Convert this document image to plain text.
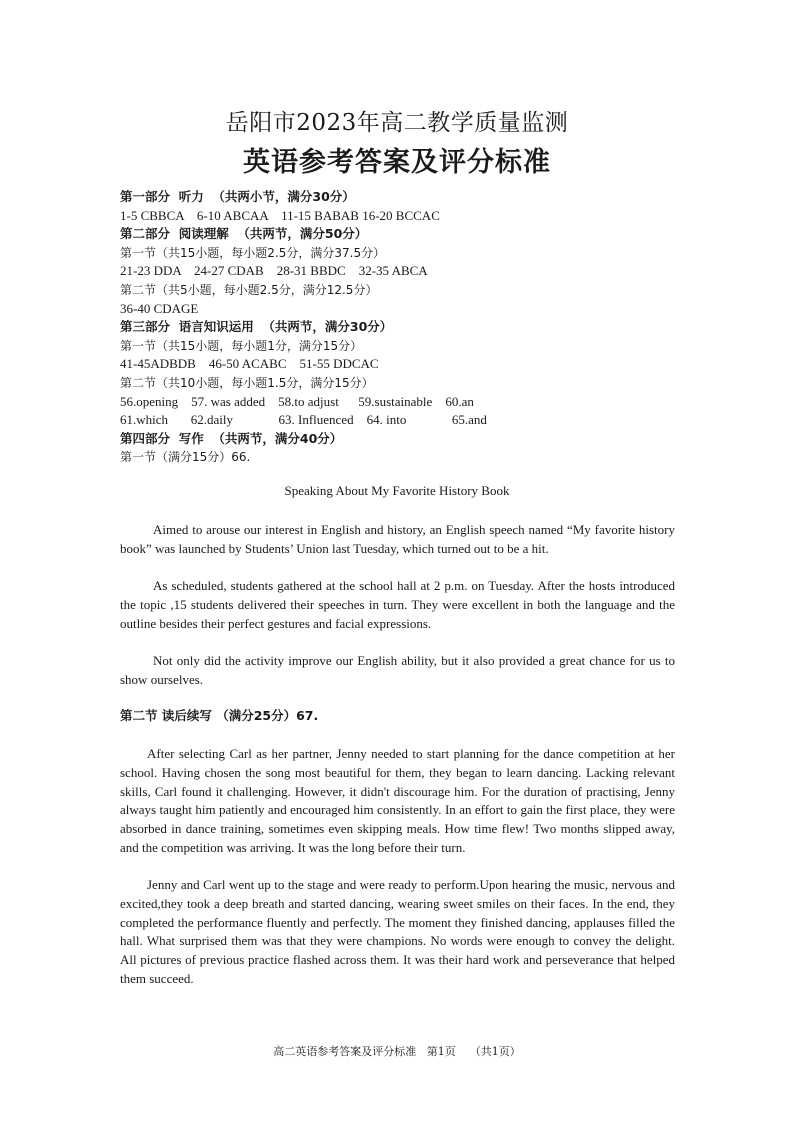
岳阳市2023年高二教学质量监测
英语参考答案及评分标准
第一部分  听力  （共两小节，满分30分）
1-5 CBBCA    6-10 ABCAA    11-15 BABAB 16-20 BCCAC
第二部分  阅读理解  （共两节，满分50分）
第一节（共15小题，每小题2.5分，满分37.5分）
21-23 DDA    24-27 CDAB    28-31 BBDC    32-35 ABCA
第二节（共5小题，每小题2.5分，满分12.5分）
36-40 CDAGE
第三部分  语言知识运用  （共两节，满分30分）
第一节（共15小题，每小题1分，满分15分）
41-45ADBDB    46-50 ACABC    51-55 DDCAC
第二节（共10小题，每小题1.5分，满分15分）
56.opening    57. was added    58.to adjust      59.sustainable    60.an
61.which       62.daily              63. Influenced    64. into              65.and
第四部分  写作  （共两节，满分40分）
第一节（满分15分）66.
Speaking About My Favorite History Book

Aimed to arouse our interest in English and history, an English speech named “My favorite history book” was launched by Students’ Union last Tuesday, which turned out to be a hit.

As scheduled, students gathered at the school hall at 2 p.m. on Tuesday. After the hosts introduced the topic ,15 students delivered their speeches in turn. They were excellent in both the language and the outline besides their perfect gestures and facial expressions.

Not only did the activity improve our English ability, but it also provided a great chance for us to show ourselves.

第二节 读后续写 （满分25分）67.

After selecting Carl as her partner, Jenny needed to start planning for the dance competition at her school. Having chosen the song most beautiful for them, they began to learn dancing. Lacking relevant skills, Carl found it challenging. However, it didn't discourage him. For the duration of practising, Jenny always taught him patiently and encouraged him consistently. In an effort to gain the first place, they were absorbed in dance training, sometimes even skipping meals. How time flew! Two months slipped away, and the competition was arriving. It was the long before their turn.

Jenny and Carl went up to the stage and were ready to perform.Upon hearing the music, nervous and excited,they took a deep breath and started dancing, wearing sweet smiles on their faces. In the end, they completed the performance fluently and perfectly. The moment they finished dancing, applauses filled the hall. What surprised them was that they were champions. No words were enough to convey the delight. All pictures of previous practice flashed across them. It was their hard work and perseverance that helped them succeed.

高二英语参考答案及评分标准   第1页    （共1页）
